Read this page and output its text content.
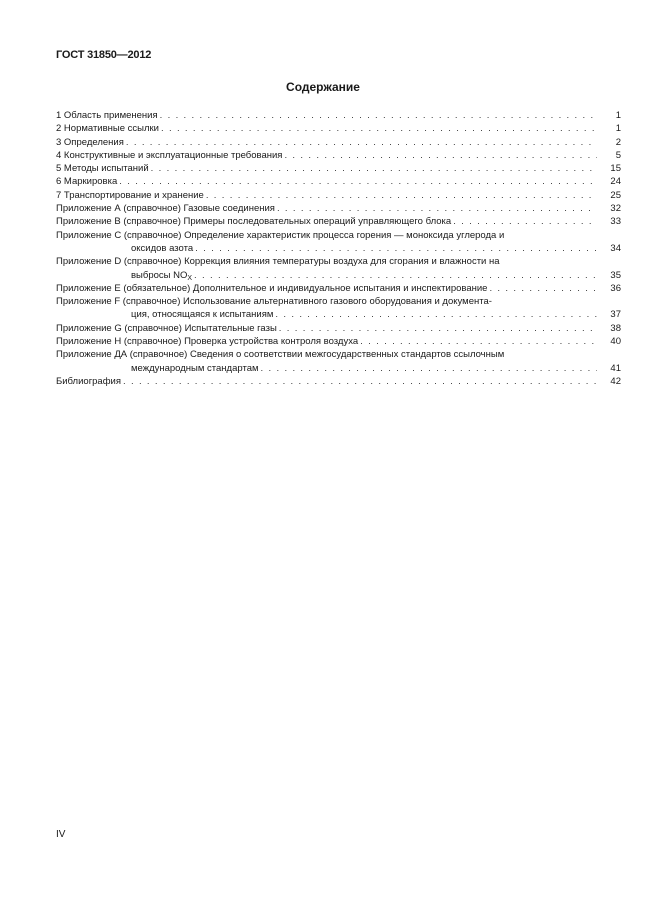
ГОСТ 31850—2012
Содержание
1 Область применения . . .	1
2 Нормативные ссылки . . .	1
3 Определения . . .	2
4 Конструктивные и эксплуатационные требования . . .	5
5 Методы испытаний . . .	15
6 Маркировка . . .	24
7 Транспортирование и хранение . . .	25
Приложение А (справочное) Газовые соединения . . .	32
Приложение В (справочное) Примеры последовательных операций управляющего блока . . .	33
Приложение С (справочное) Определение характеристик процесса горения — моноксида углерода и
оксидов азота . . .	34
Приложение D (справочное) Коррекция влияния температуры воздуха для сгорания и влажности на
выбросы $NO_X$ . . .	35
Приложение Е (обязательное) Дополнительное и индивидуальное испытания и инспектирование . . .	36
Приложение F (справочное) Использование альтернативного газового оборудования и документа-
ция, относящаяся к испытаниям . . .	37
Приложение G (справочное) Испытательные газы . . .	38
Приложение Н (справочное) Проверка устройства контроля воздуха . . .	40
Приложение ДА (справочное) Сведения о соответствии межгосударственных стандартов ссылочным
международным стандартам . . .	41
Библиография . . .	42
IV
